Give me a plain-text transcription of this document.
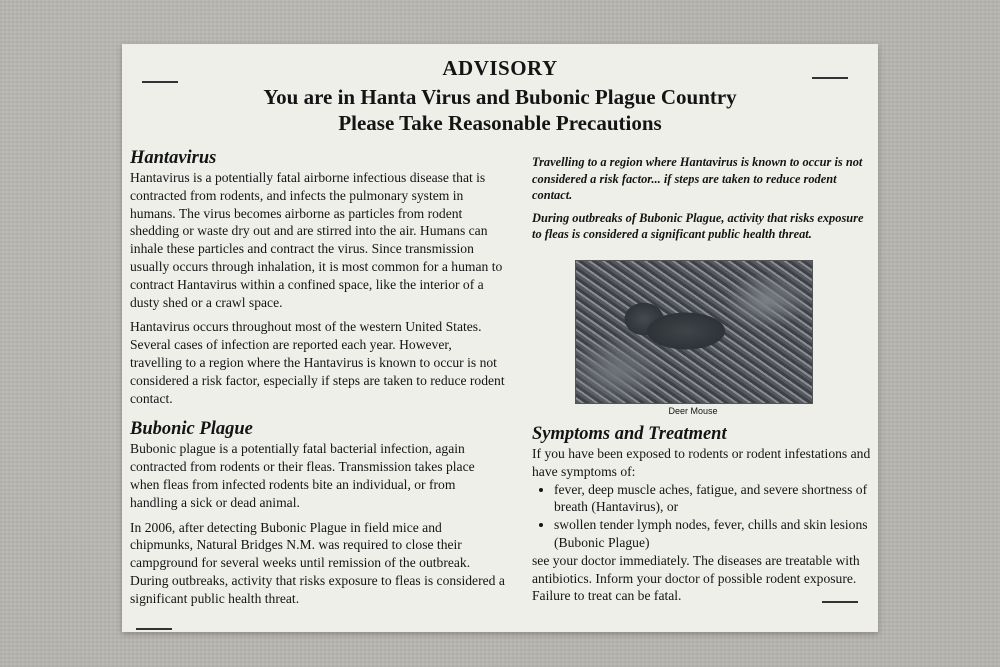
ADVISORY
You are in Hanta Virus and Bubonic Plague Country
Please Take Reasonable Precautions
Hantavirus

Hantavirus is a potentially fatal airborne infectious disease that is contracted from rodents, and infects the pulmonary system in humans. The virus becomes airborne as particles from rodent shedding or waste dry out and are stirred into the air. Humans can inhale these particles and contract the virus. Since transmission usually occurs through inhalation, it is most common for a human to contract Hantavirus within a confined space, like the interior of a dusty shed or a crawl space.

Hantavirus occurs throughout most of the western United States. Several cases of infection are reported each year. However, travelling to a region where the Hantavirus is known to occur is not considered a risk factor, especially if steps are taken to reduce rodent contact.

Bubonic Plague

Bubonic plague is a potentially fatal bacterial infection, again contracted from rodents or their fleas. Transmission takes place when fleas from infected rodents bite an individual, or from handling a sick or dead animal.

In 2006, after detecting Bubonic Plague in field mice and chipmunks, Natural Bridges N.M. was required to close their campground for several weeks until remission of the outbreak. During outbreaks, activity that risks exposure to fleas is considered a significant public health threat.

Travelling to a region where Hantavirus is known to occur is not considered a risk factor... if steps are taken to reduce rodent contact.

During outbreaks of Bubonic Plague, activity that risks exposure to fleas is considered a significant public health threat.

Deer Mouse
Symptoms and Treatment

If you have been exposed to rodents or rodent infestations and have symptoms of:

• fever, deep muscle aches, fatigue, and severe shortness of breath (Hantavirus), or
• swollen tender lymph nodes, fever, chills and skin lesions (Bubonic Plague)

see your doctor immediately. The diseases are treatable with antibiotics. Inform your doctor of possible rodent exposure. Failure to treat can be fatal.
